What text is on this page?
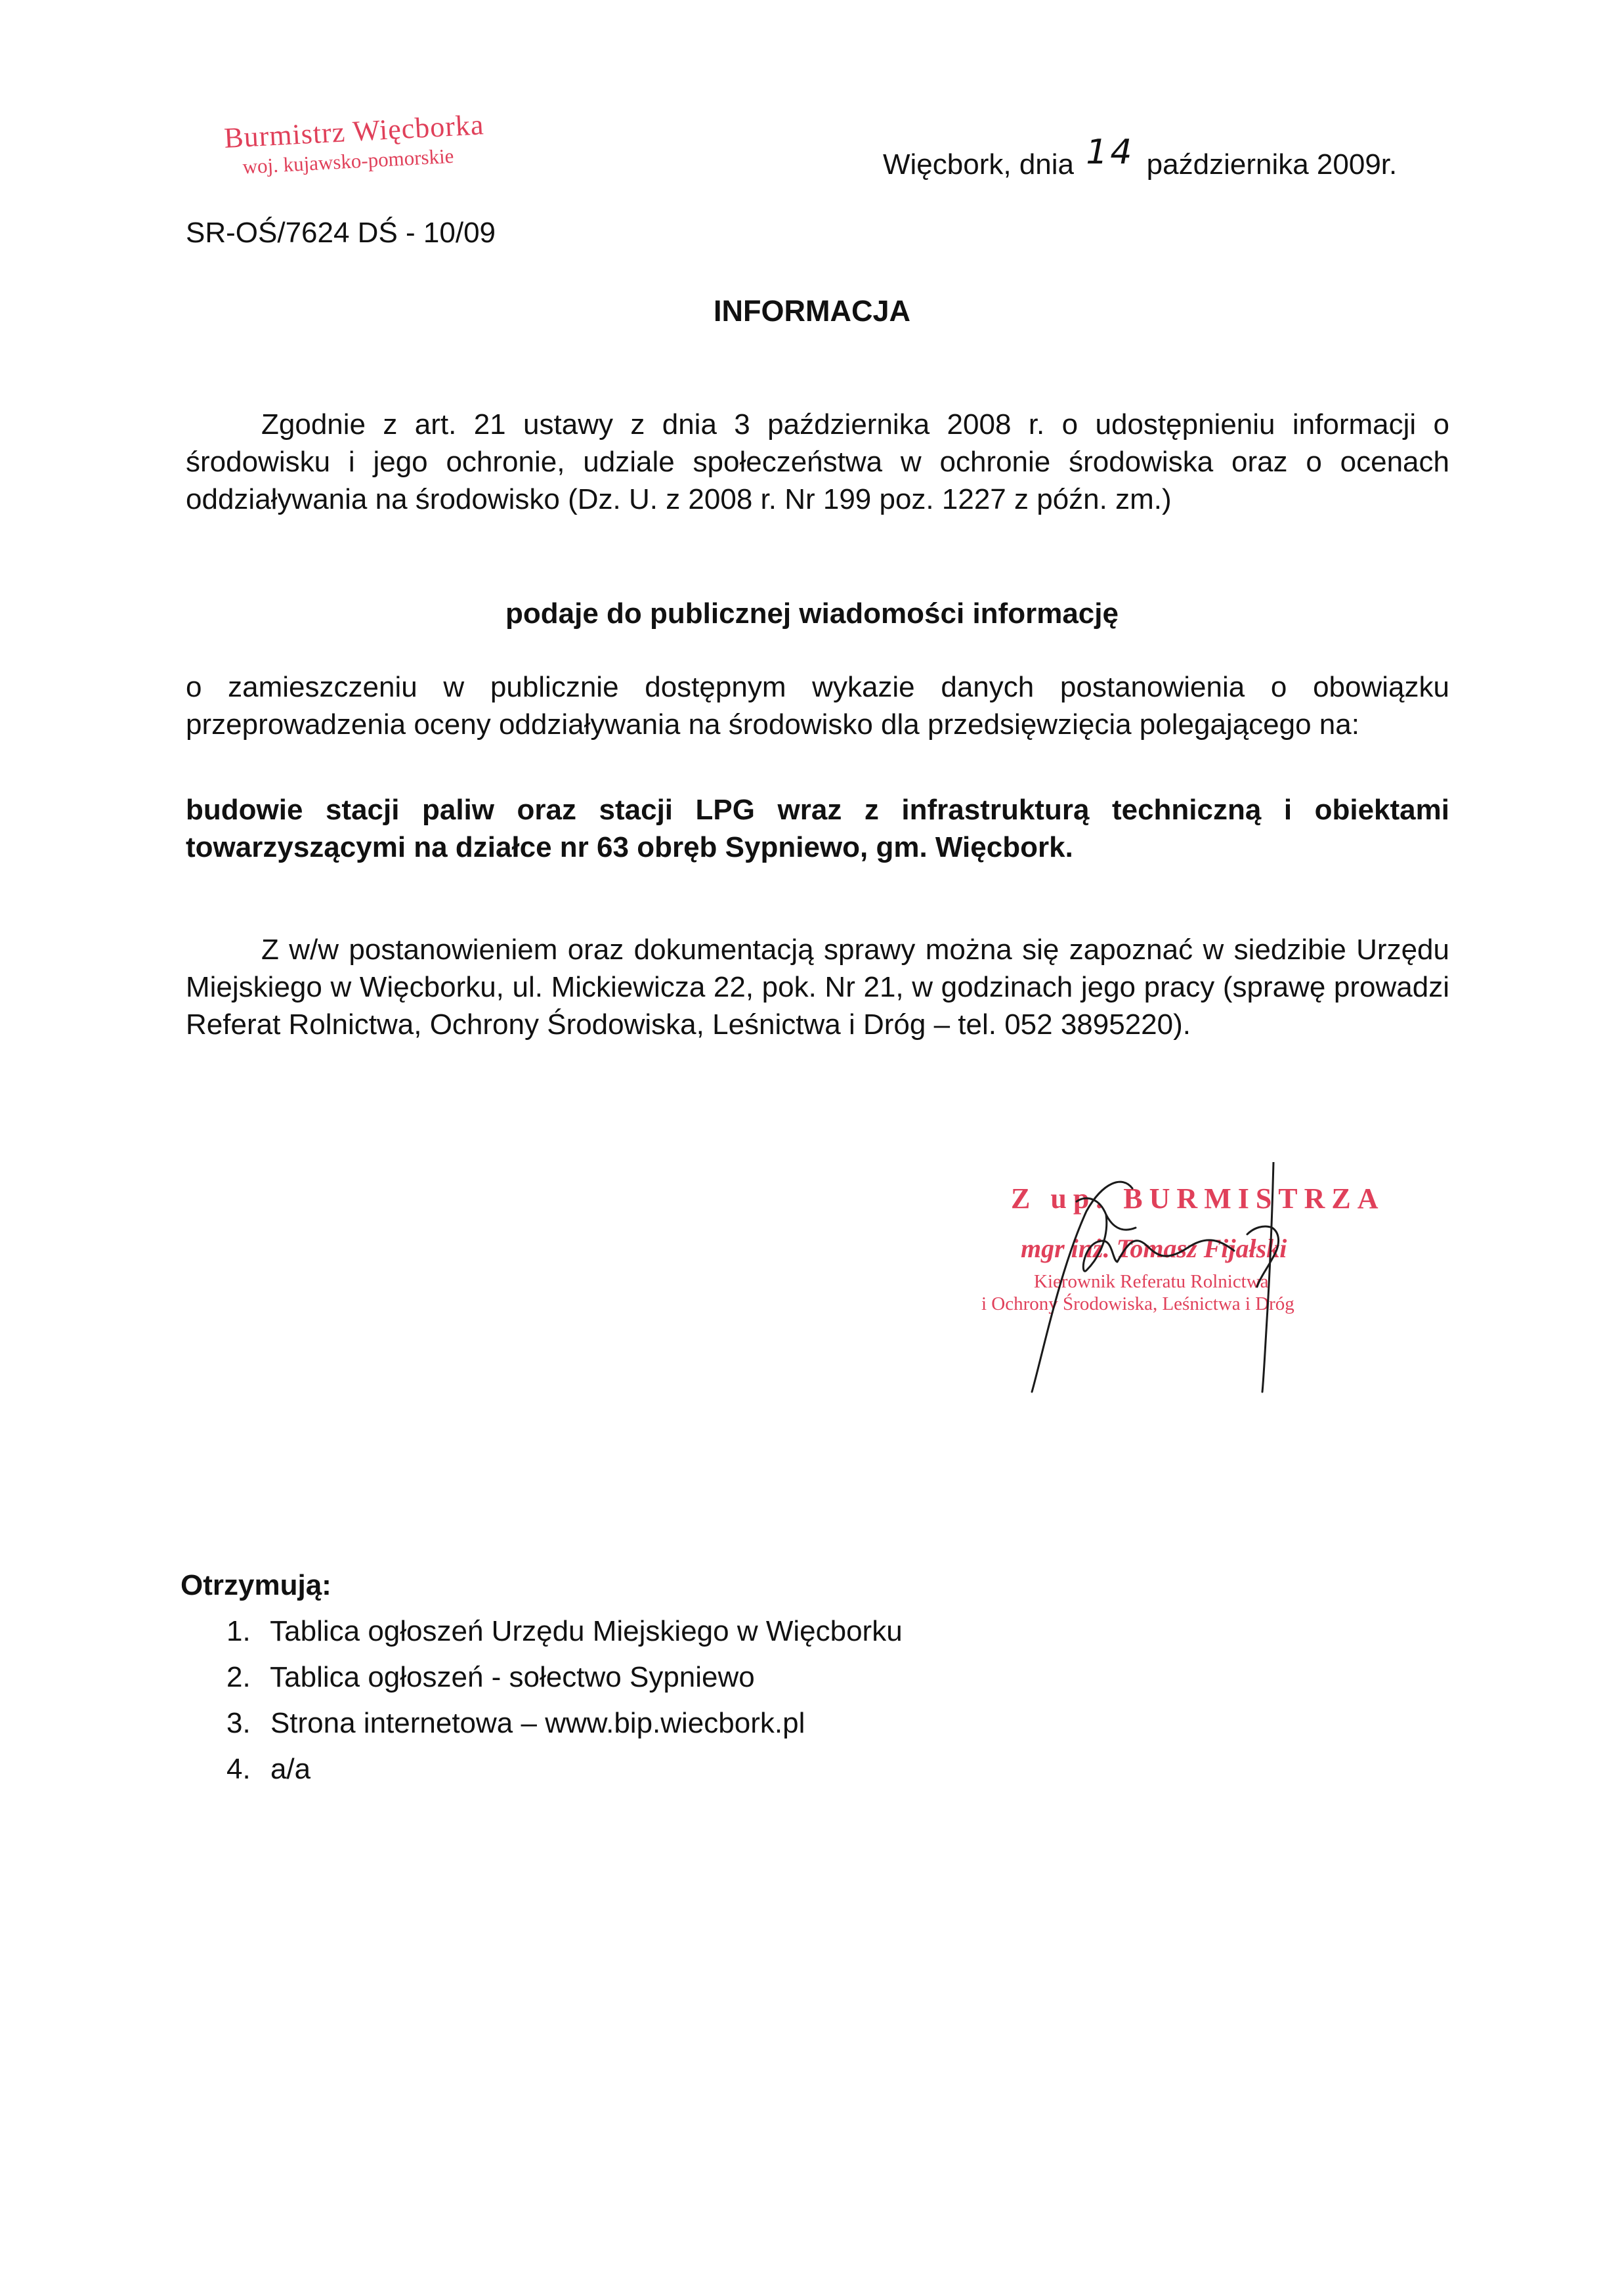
Burmistrz Więcborka
woj. kujawsko-pomorskie	Więcbork, dnia 14 października 2009r.
SR-OŚ/7624 DŚ - 10/09
INFORMACJA
Zgodnie z art. 21 ustawy z dnia 3 października 2008 r. o udostępnieniu informacji o środowisku i jego ochronie, udziale społeczeństwa w ochronie środowiska oraz o ocenach oddziaływania na środowisko (Dz. U. z 2008 r. Nr 199 poz. 1227 z późn. zm.)
podaje do publicznej wiadomości informację
o zamieszczeniu w publicznie dostępnym wykazie danych postanowienia o obowiązku przeprowadzenia oceny oddziaływania na środowisko dla przedsięwzięcia polegającego na:
budowie stacji paliw oraz stacji LPG wraz z infrastrukturą techniczną i obiektami towarzyszącymi na działce nr 63 obręb Sypniewo, gm. Więcbork.
Z w/w postanowieniem oraz dokumentacją sprawy można się zapoznać w siedzibie Urzędu Miejskiego w Więcborku, ul. Mickiewicza 22, pok. Nr 21, w godzinach jego pracy (sprawę prowadzi Referat Rolnictwa, Ochrony Środowiska, Leśnictwa i Dróg – tel. 052 3895220).
Z up. BURMISTRZA
mgr inż. Tomasz Fijałski
Kierownik Referatu Rolnictwa
i Ochrony Środowiska, Leśnictwa i Dróg
Otrzymują:
1. Tablica ogłoszeń Urzędu Miejskiego w Więcborku
2. Tablica ogłoszeń - sołectwo Sypniewo
3. Strona internetowa – www.bip.wiecbork.pl
4. a/a
